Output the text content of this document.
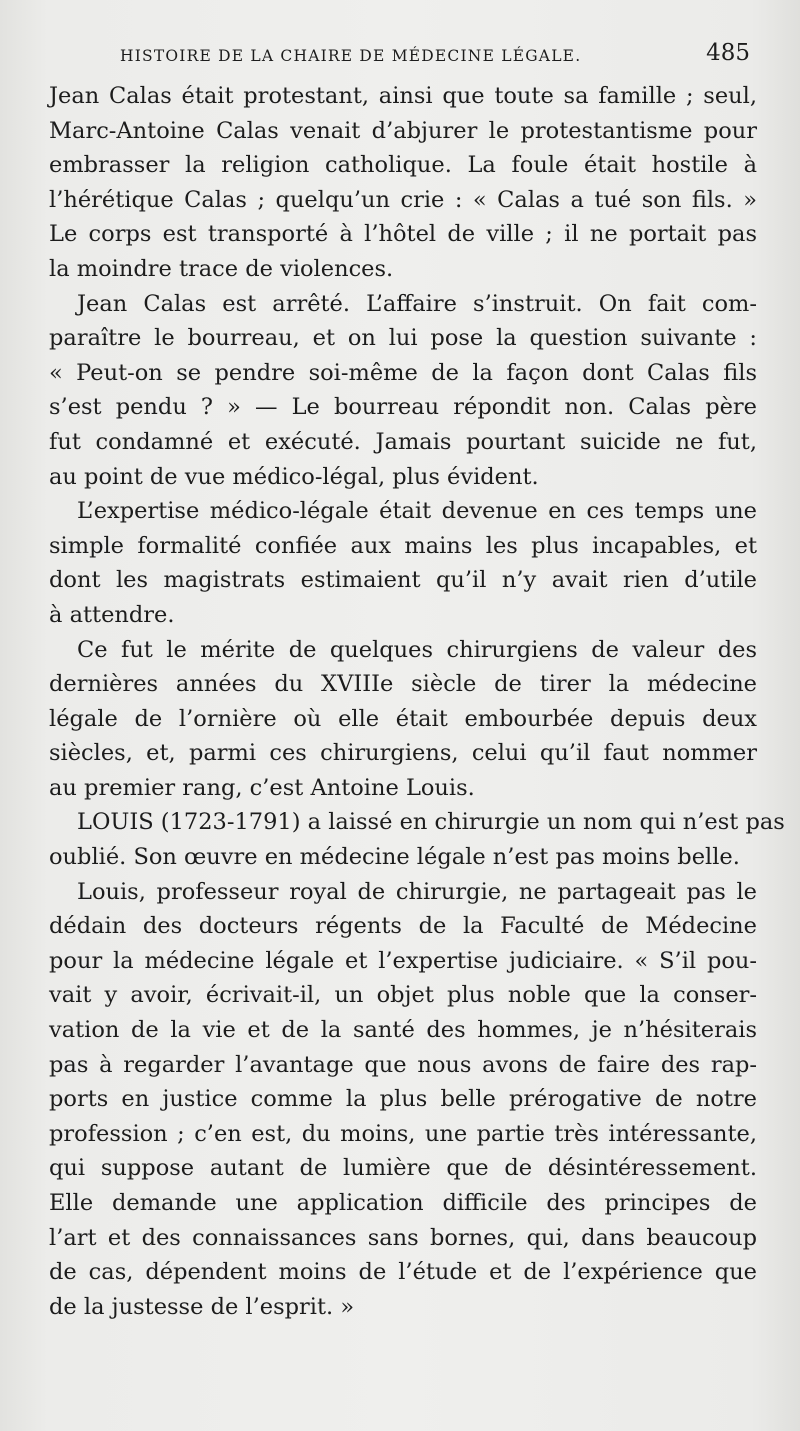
HISTOIRE DE LA CHAIRE DE MÉDECINE LÉGALE.	485
Jean Calas était protestant, ainsi que toute sa famille ; seul,
Marc-Antoine Calas venait d’abjurer le protestantisme pour
embrasser la religion catholique. La foule était hostile à
l’hérétique Calas ; quelqu’un crie : « Calas a tué son fils. »
Le corps est transporté à l’hôtel de ville ; il ne portait pas
la moindre trace de violences.
Jean Calas est arrêté. L’affaire s’instruit. On fait com-
paraître le bourreau, et on lui pose la question suivante :
« Peut-on se pendre soi-même de la façon dont Calas fils
s’est pendu ? » — Le bourreau répondit non. Calas père
fut condamné et exécuté. Jamais pourtant suicide ne fut,
au point de vue médico-légal, plus évident.
L’expertise médico-légale était devenue en ces temps une
simple formalité confiée aux mains les plus incapables, et
dont les magistrats estimaient qu’il n’y avait rien d’utile
à attendre.
Ce fut le mérite de quelques chirurgiens de valeur des
dernières années du XVIIIe siècle de tirer la médecine
légale de l’ornière où elle était embourbée depuis deux
siècles, et, parmi ces chirurgiens, celui qu’il faut nommer
au premier rang, c’est Antoine Louis.
LOUIS (1723-1791) a laissé en chirurgie un nom qui n’est pas
oublié. Son œuvre en médecine légale n’est pas moins belle.
Louis, professeur royal de chirurgie, ne partageait pas le
dédain des docteurs régents de la Faculté de Médecine
pour la médecine légale et l’expertise judiciaire. « S’il pou-
vait y avoir, écrivait-il, un objet plus noble que la conser-
vation de la vie et de la santé des hommes, je n’hésiterais
pas à regarder l’avantage que nous avons de faire des rap-
ports en justice comme la plus belle prérogative de notre
profession ; c’en est, du moins, une partie très intéressante,
qui suppose autant de lumière que de désintéressement.
Elle demande une application difficile des principes de
l’art et des connaissances sans bornes, qui, dans beaucoup
de cas, dépendent moins de l’étude et de l’expérience que
de la justesse de l’esprit. »
